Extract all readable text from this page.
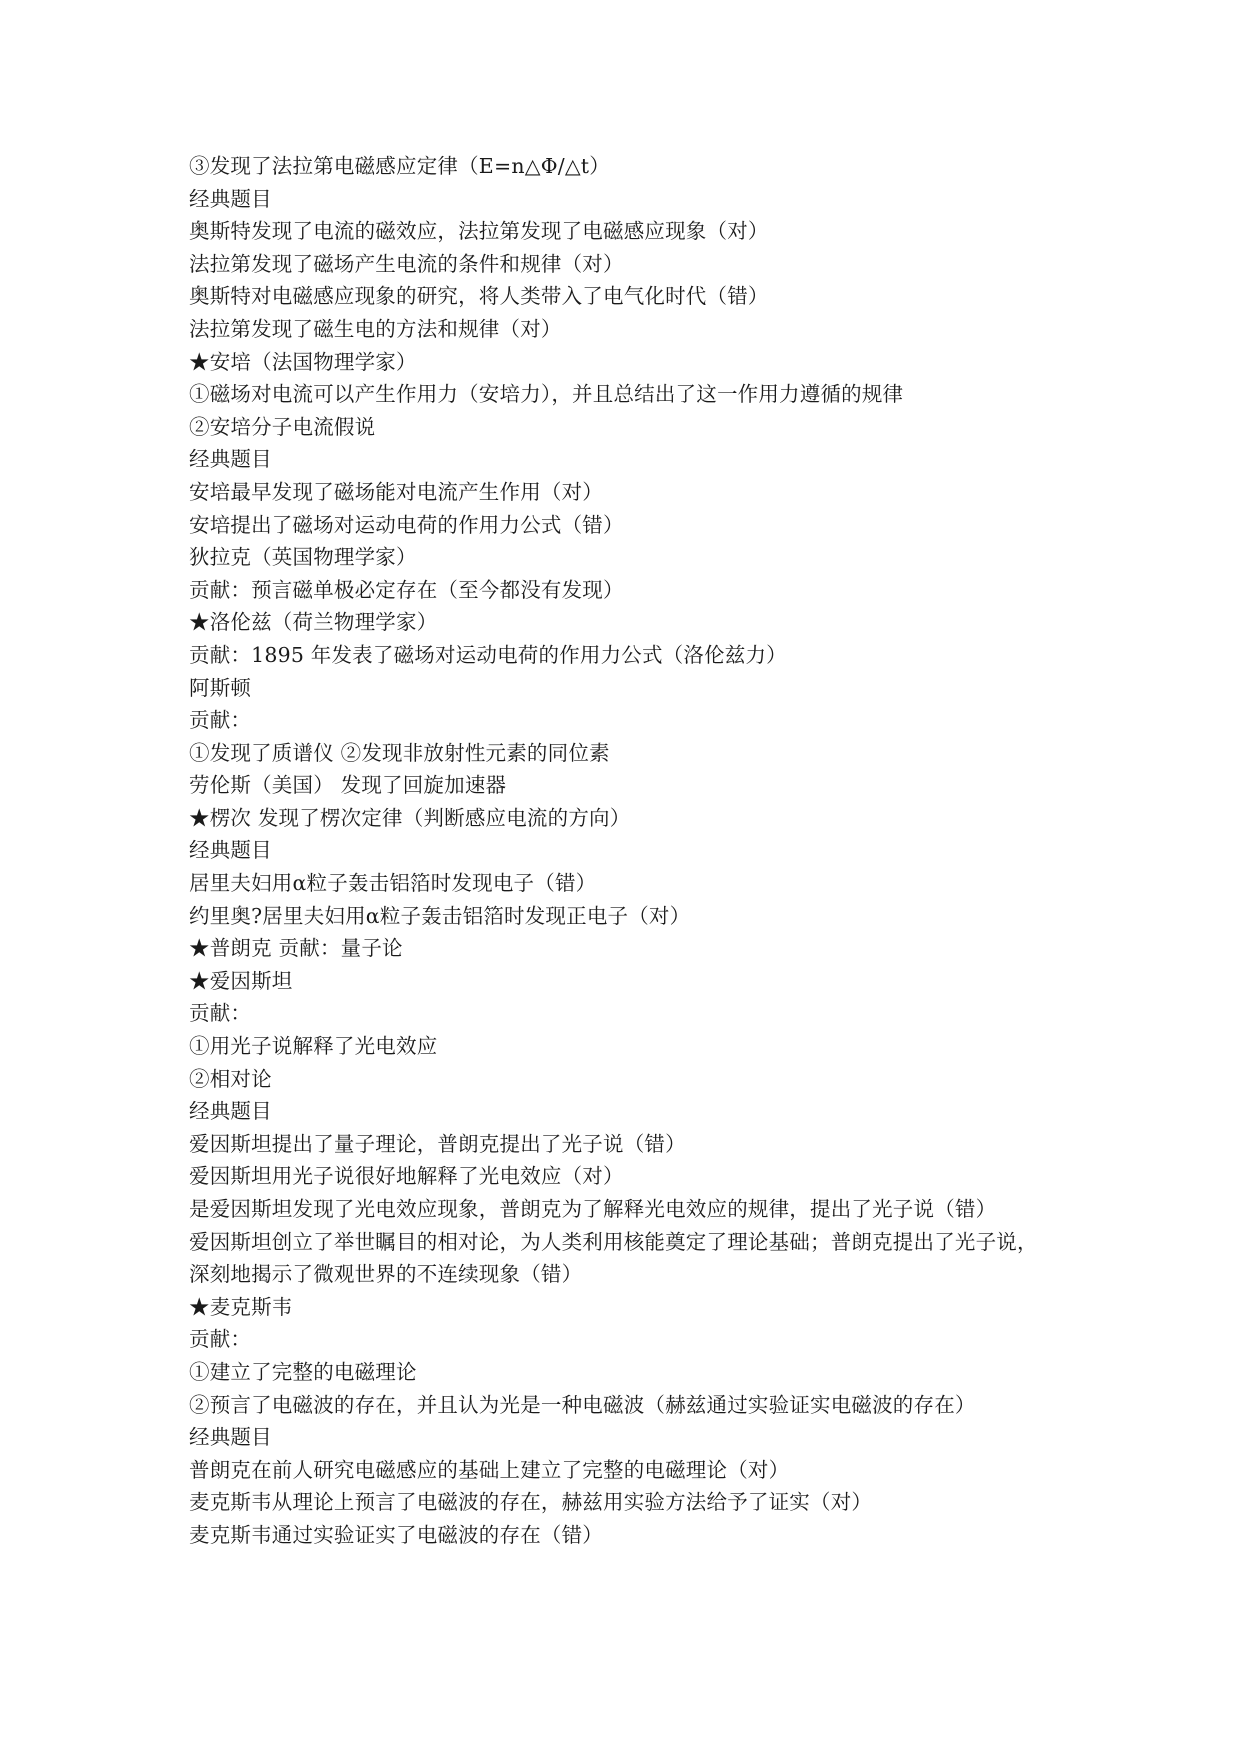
③发现了法拉第电磁感应定律（E=n△Φ/△t）
经典题目
奥斯特发现了电流的磁效应，法拉第发现了电磁感应现象（对）
法拉第发现了磁场产生电流的条件和规律（对）
奥斯特对电磁感应现象的研究，将人类带入了电气化时代（错）
法拉第发现了磁生电的方法和规律（对）
★安培（法国物理学家）
①磁场对电流可以产生作用力（安培力），并且总结出了这一作用力遵循的规律
②安培分子电流假说
经典题目
安培最早发现了磁场能对电流产生作用（对）
安培提出了磁场对运动电荷的作用力公式（错）
狄拉克（英国物理学家）
贡献：预言磁单极必定存在（至今都没有发现）
★洛伦兹（荷兰物理学家）
贡献：1895 年发表了磁场对运动电荷的作用力公式（洛伦兹力）
阿斯顿
贡献：
①发现了质谱仪 ②发现非放射性元素的同位素
劳伦斯（美国） 发现了回旋加速器
★楞次 发现了楞次定律（判断感应电流的方向）
经典题目
居里夫妇用α粒子轰击铝箔时发现电子（错）
约里奥?居里夫妇用α粒子轰击铝箔时发现正电子（对）
★普朗克 贡献：量子论
★爱因斯坦
贡献：
①用光子说解释了光电效应
②相对论
经典题目
爱因斯坦提出了量子理论，普朗克提出了光子说（错）
爱因斯坦用光子说很好地解释了光电效应（对）
是爱因斯坦发现了光电效应现象，普朗克为了解释光电效应的规律，提出了光子说（错）
爱因斯坦创立了举世瞩目的相对论，为人类利用核能奠定了理论基础；普朗克提出了光子说，
深刻地揭示了微观世界的不连续现象（错）
★麦克斯韦
贡献：
①建立了完整的电磁理论
②预言了电磁波的存在，并且认为光是一种电磁波（赫兹通过实验证实电磁波的存在）
经典题目
普朗克在前人研究电磁感应的基础上建立了完整的电磁理论（对）
麦克斯韦从理论上预言了电磁波的存在，赫兹用实验方法给予了证实（对）
麦克斯韦通过实验证实了电磁波的存在（错）
